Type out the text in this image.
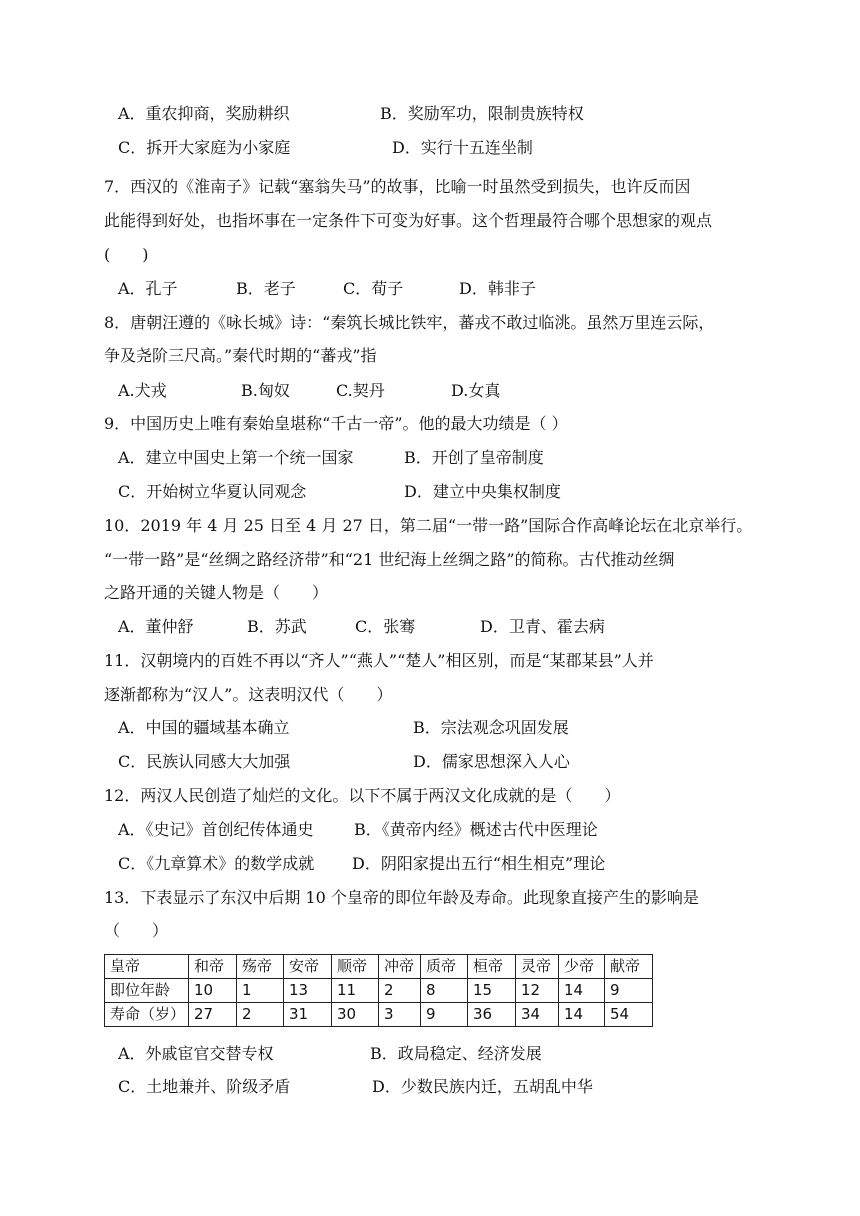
A．重农抑商，奖励耕织	B．奖励军功，限制贵族特权
C．拆开大家庭为小家庭	D．实行十五连坐制
7．西汉的《淮南子》记载“塞翁失马”的故事，比喻一时虽然受到损失，也许反而因
此能得到好处，也指坏事在一定条件下可变为好事。这个哲理最符合哪个思想家的观点
(　　)
A．孔子	B．老子	C．荀子	D．韩非子
8．唐朝汪遵的《咏长城》诗：“秦筑长城比铁牢，蕃戎不敢过临洮。虽然万里连云际，
争及尧阶三尺高。”秦代时期的“蕃戎”指
A.犬戎	B.匈奴	C.契丹	D.女真
9．中国历史上唯有秦始皇堪称“千古一帝”。他的最大功绩是（ ）
A．建立中国史上第一个统一国家	B．开创了皇帝制度
C．开始树立华夏认同观念	D．建立中央集权制度
10．2019 年 4 月 25 日至 4 月 27 日，第二届“一带一路”国际合作高峰论坛在北京举行。
“一带一路”是“丝绸之路经济带”和“21 世纪海上丝绸之路”的简称。古代推动丝绸
之路开通的关键人物是（　　）
A．董仲舒	B．苏武	C．张骞	D．卫青、霍去病
11．汉朝境内的百姓不再以“齐人”“燕人”“楚人”相区别，而是“某郡某县”人并
逐渐都称为“汉人”。这表明汉代（　　）
A．中国的疆域基本确立	B．宗法观念巩固发展
C．民族认同感大大加强	D．儒家思想深入人心
12．两汉人民创造了灿烂的文化。以下不属于两汉文化成就的是（　　）
A．《史记》首创纪传体通史	B．《黄帝内经》概述古代中医理论
C．《九章算术》的数学成就 D．阴阳家提出五行“相生相克”理论
13．下表显示了东汉中后期 10 个皇帝的即位年龄及寿命。此现象直接产生的影响是
（　　）
皇帝	和帝	殇帝	安帝	顺帝	冲帝	质帝	桓帝	灵帝	少帝	献帝
即位年龄	10	1	13	11	2	8	15	12	14	9
寿命（岁）	27	2	31	30	3	9	36	34	14	54
A．外戚宦官交替专权	B．政局稳定、经济发展
C．土地兼并、阶级矛盾	D．少数民族内迁，五胡乱中华
